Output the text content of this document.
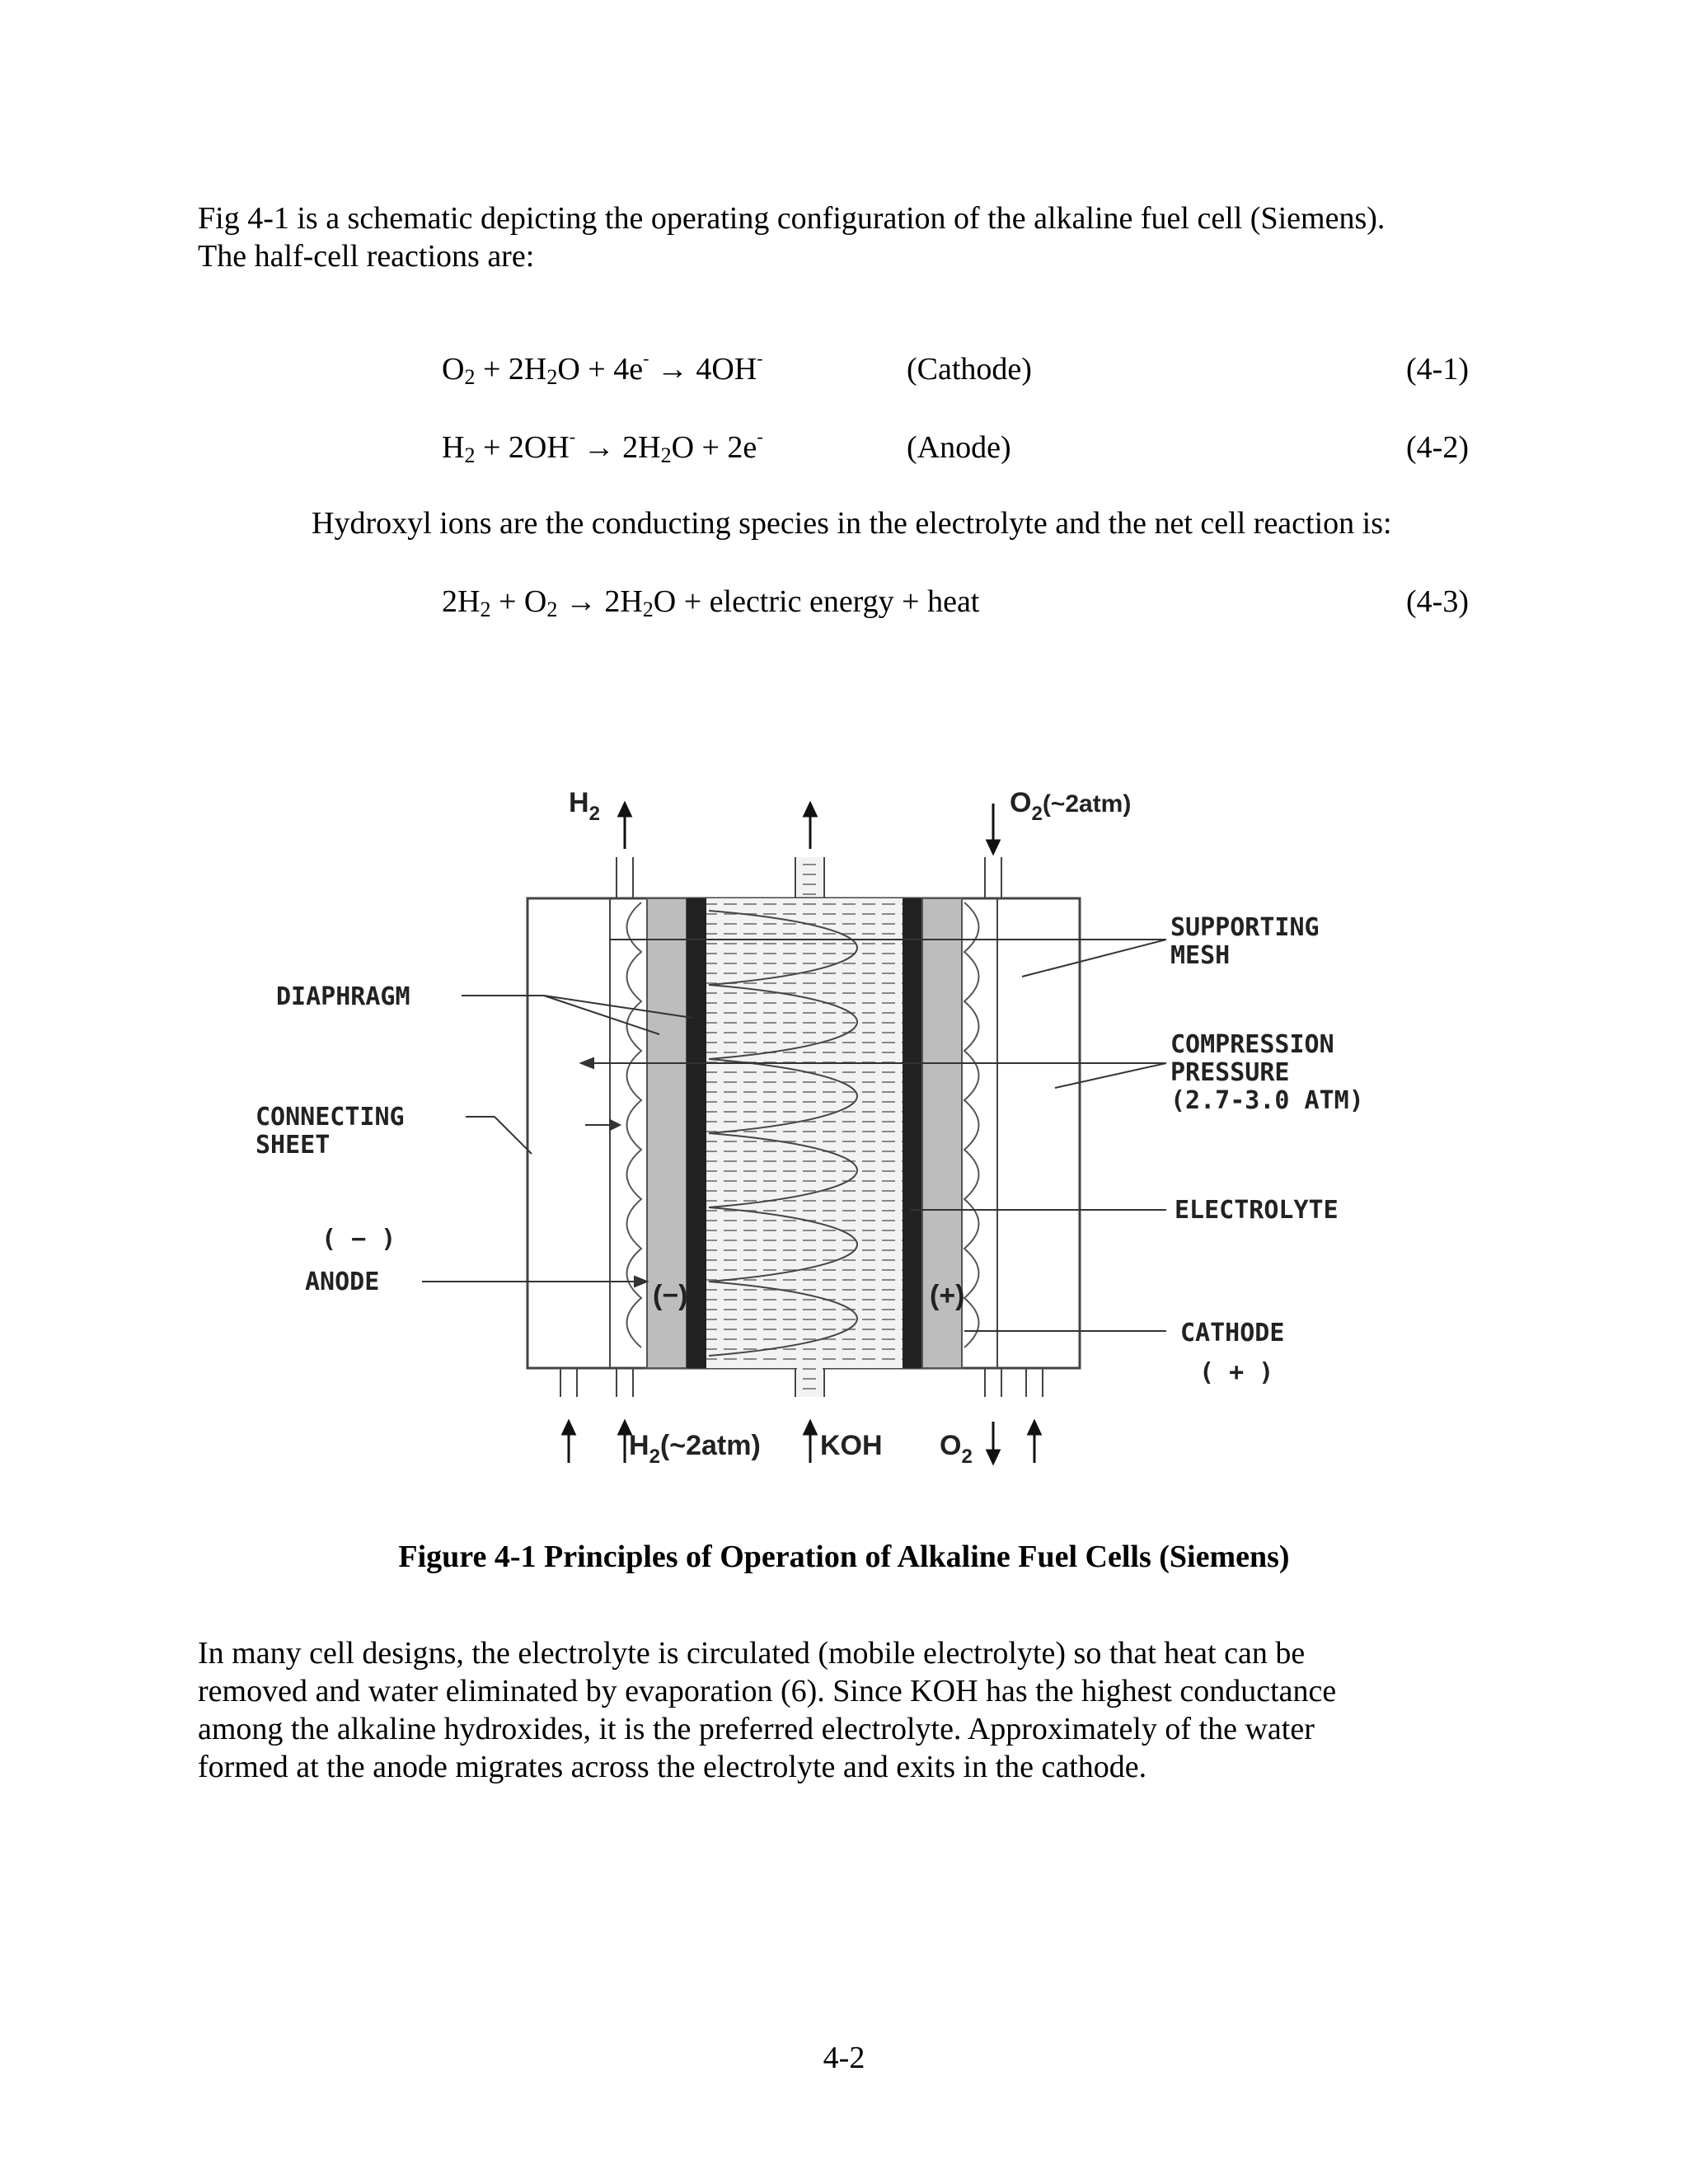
Fig 4-1 is a schematic depicting the operating configuration of the alkaline fuel cell (Siemens).
The half-cell reactions are:
$O_2 + 2H_2O + 4e^- \to 4OH^-$	(Cathode)	(4-1)
$H_2 + 2OH^- \to 2H_2O + 2e^-$	(Anode)	(4-2)
Hydroxyl ions are the conducting species in the electrolyte and the net cell reaction is:
$2H_2 + O_2 \to 2H_2O$ + electric energy + heat	(4-3)
$H_2$	$O_2(\sim 2atm)$
SUPPORTING
MESH
DIAPHRAGM
COMPRESSION
PRESSURE
(2.7-3.0 ATM)
CONNECTING
SHEET
ELECTROLYTE
( − )
ANODE	(−)	(+)
CATHODE
( + )
$H_2(\sim 2atm)$ KOH $O_2$
Figure 4-1 Principles of Operation of Alkaline Fuel Cells (Siemens)
In many cell designs, the electrolyte is circulated (mobile electrolyte) so that heat can be
removed and water eliminated by evaporation (6). Since KOH has the highest conductance
among the alkaline hydroxides, it is the preferred electrolyte. Approximately of the water
formed at the anode migrates across the electrolyte and exits in the cathode.
4-2
